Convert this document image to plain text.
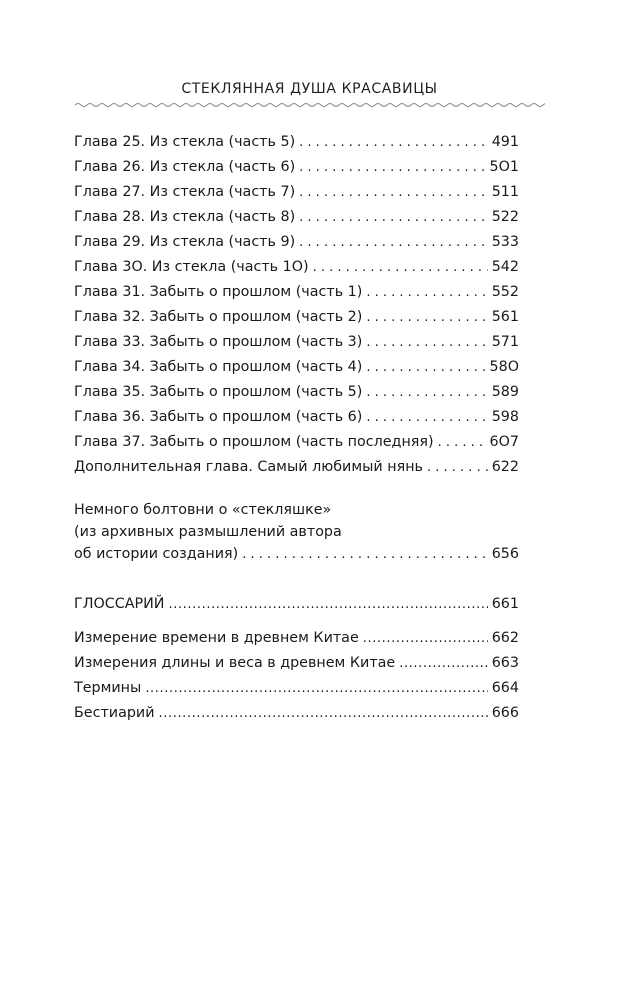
СТЕКЛЯННАЯ ДУША КРАСАВИЦЫ
Глава 25. Из стекла (часть 5) . . .	491
Глава 26. Из стекла (часть 6) . . .	5О1
Глава 27. Из стекла (часть 7) . . .	511
Глава 28. Из стекла (часть 8) . . .	522
Глава 29. Из стекла (часть 9) . . .	533
Глава 3О. Из стекла (часть 1О) . . .	542
Глава 31. Забыть о прошлом (часть 1) . . .	552
Глава 32. Забыть о прошлом (часть 2) . . .	561
Глава 33. Забыть о прошлом (часть 3) . . .	571
Глава 34. Забыть о прошлом (часть 4) . . .	58О
Глава 35. Забыть о прошлом (часть 5) . . .	589
Глава 36. Забыть о прошлом (часть 6) . . .	598
Глава 37. Забыть о прошлом (часть последняя) . . .	6О7
Дополнительная глава. Самый любимый нянь . . .	622
Немного болтовни о «стекляшке»
(из архивных размышлений автора
об истории создания) . . .	656
ГЛОССАРИЙ .....	661
Измерение времени в древнем Китае .....	662
Измерения длины и веса в древнем Китае .....	663
Термины .....	664
Бестиарий .....	666
